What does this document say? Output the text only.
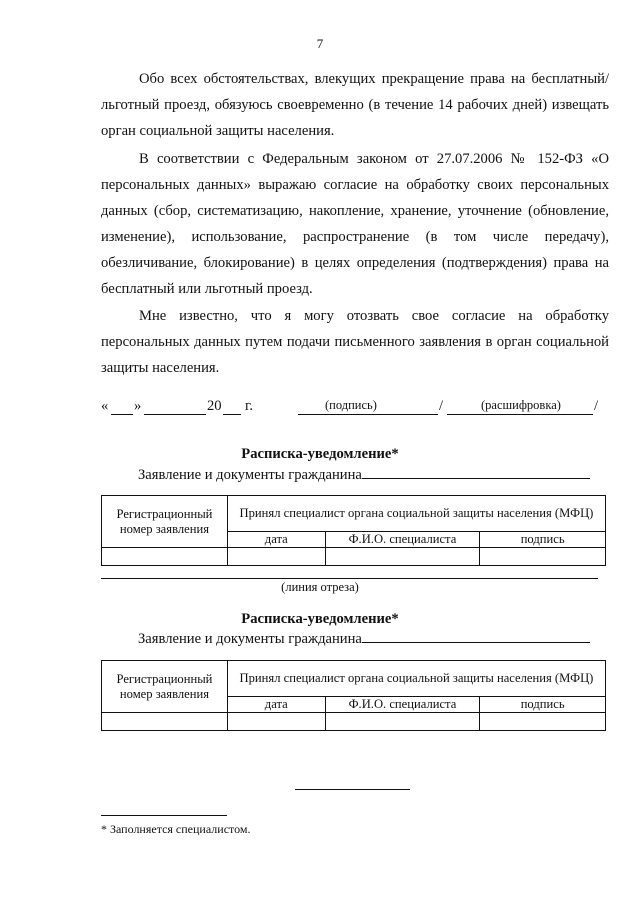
7

Обо всех обстоятельствах, влекущих прекращение права на бесплатный/льготный проезд, обязуюсь своевременно (в течение 14 рабочих дней) извещать орган социальной защиты населения.

В соответствии с Федеральным законом от 27.07.2006 № 152-ФЗ «О персональных данных» выражаю согласие на обработку своих персональных данных (сбор, систематизацию, накопление, хранение, уточнение (обновление, изменение), использование, распространение (в том числе передачу), обезличивание, блокирование) в целях определения (подтверждения) права на бесплатный или льготный проезд.

Мне известно, что я могу отозвать свое согласие на обработку персональных данных путем подачи письменного заявления в орган социальной защиты населения.

« »	20 г.	/	/
(подпись)	(расшифровка)
Расписка-уведомление*
Заявление и документы гражданина
Регистрационный номер заявления	Принял специалист органа социальной защиты населения (МФЦ)		
	дата	Ф.И.О. специалиста	подпись

(линия отреза)
Расписка-уведомление*
Заявление и документы гражданина
Регистрационный номер заявления	Принял специалист органа социальной защиты населения (МФЦ)		
	дата	Ф.И.О. специалиста	подпись

* Заполняется специалистом.
